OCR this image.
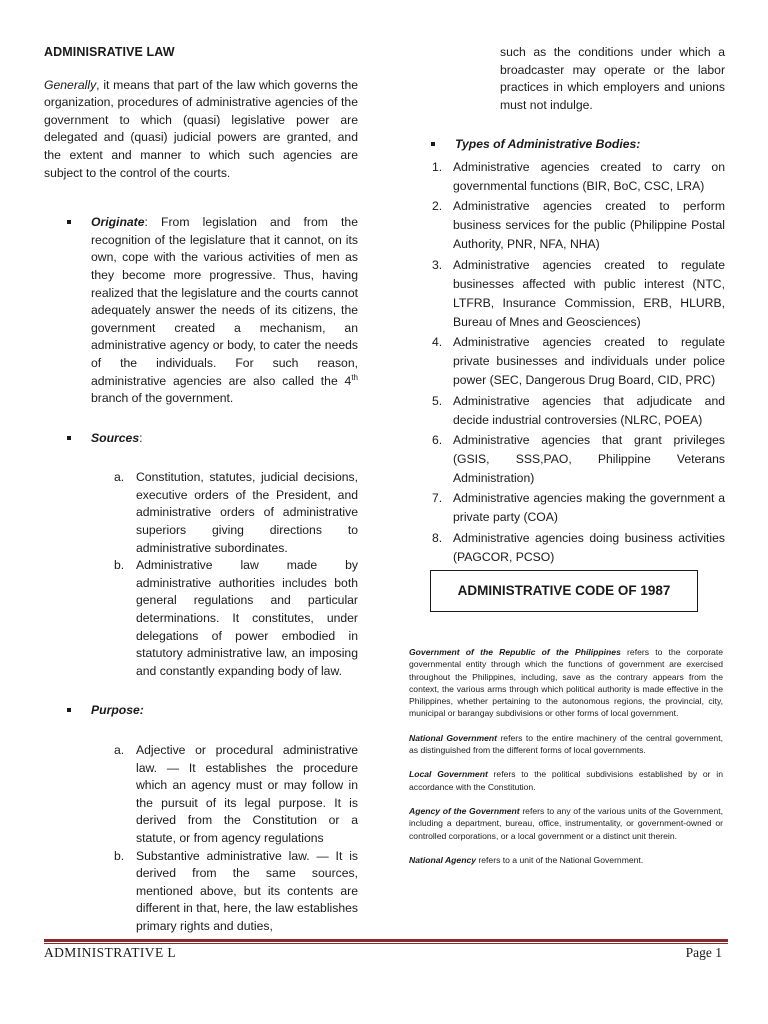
ADMINISRATIVE LAW

Generally, it means that part of the law which governs the organization, procedures of administrative agencies of the government to which (quasi) legislative power are delegated and (quasi) judicial powers are granted, and the extent and manner to which such agencies are subject to the control of the courts.

Originate: From legislation and from the recognition of the legislature that it cannot, on its own, cope with the various activities of men as they become more progressive. Thus, having realized that the legislature and the courts cannot adequately answer the needs of its citizens, the government created a mechanism, an administrative agency or body, to cater the needs of the individuals. For such reason, administrative agencies are also called the 4th branch of the government.
Sources:
a. Constitution, statutes, judicial decisions, executive orders of the President, and administrative orders of administrative superiors giving directions to administrative subordinates.
b. Administrative law made by administrative authorities includes both general regulations and particular determinations. It constitutes, under delegations of power embodied in statutory administrative law, an imposing and constantly expanding body of law.
Purpose:
a. Adjective or procedural administrative law. — It establishes the procedure which an agency must or may follow in the pursuit of its legal purpose. It is derived from the Constitution or a statute, or from agency regulations
b. Substantive administrative law. — It is derived from the same sources, mentioned above, but its contents are different in that, here, the law establishes primary rights and duties,

such as the conditions under which a broadcaster may operate or the labor practices in which employers and unions must not indulge.

Types of Administrative Bodies:
1. Administrative agencies created to carry on governmental functions (BIR, BoC, CSC, LRA)
2. Administrative agencies created to perform business services for the public (Philippine Postal Authority, PNR, NFA, NHA)
3. Administrative agencies created to regulate businesses affected with public interest (NTC, LTFRB, Insurance Commission, ERB, HLURB, Bureau of Mnes and Geosciences)
4. Administrative agencies created to regulate private businesses and individuals under police power (SEC, Dangerous Drug Board, CID, PRC)
5. Administrative agencies that adjudicate and decide industrial controversies (NLRC, POEA)
6. Administrative agencies that grant privileges (GSIS, SSS,PAO, Philippine Veterans Administration)
7. Administrative agencies making the government a private party (COA)
8. Administrative agencies doing business activities (PAGCOR, PCSO)
ADMINISTRATIVE CODE OF 1987

Government of the Republic of the Philippines refers to the corporate governmental entity through which the functions of government are exercised throughout the Philippines, including, save as the contrary appears from the context, the various arms through which political authority is made effective in the Philippines, whether pertaining to the autonomous regions, the provincial, city, municipal or barangay subdivisions or other forms of local government.

National Government refers to the entire machinery of the central government, as distinguished from the different forms of local governments.

Local Government refers to the political subdivisions established by or in accordance with the Constitution.

Agency of the Government refers to any of the various units of the Government, including a department, bureau, office, instrumentality, or government-owned or controlled corporations, or a local government or a distinct unit therein.

National Agency refers to a unit of the National Government.

ADMINISTRATIVE L	Page 1
